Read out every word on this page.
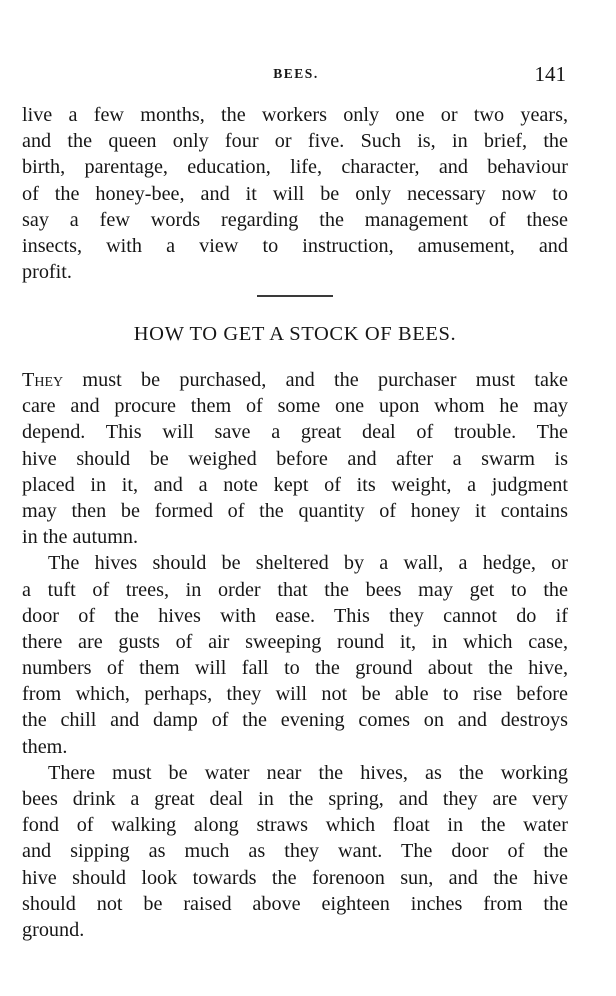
BEES.	141
live a few months, the workers only one or two years,
and the queen only four or five. Such is, in brief, the
birth, parentage, education, life, character, and behaviour
of the honey-bee, and it will be only necessary now to
say a few words regarding the management of these
insects, with a view to instruction, amusement, and
profit.
HOW TO GET A STOCK OF BEES.
They must be purchased, and the purchaser must take
care and procure them of some one upon whom he may
depend. This will save a great deal of trouble. The
hive should be weighed before and after a swarm is
placed in it, and a note kept of its weight, a judgment
may then be formed of the quantity of honey it contains
in the autumn.
The hives should be sheltered by a wall, a hedge, or
a tuft of trees, in order that the bees may get to the
door of the hives with ease. This they cannot do if
there are gusts of air sweeping round it, in which case,
numbers of them will fall to the ground about the hive,
from which, perhaps, they will not be able to rise before
the chill and damp of the evening comes on and destroys
them.
There must be water near the hives, as the working
bees drink a great deal in the spring, and they are very
fond of walking along straws which float in the water
and sipping as much as they want. The door of the
hive should look towards the forenoon sun, and the hive
should not be raised above eighteen inches from the
ground.
